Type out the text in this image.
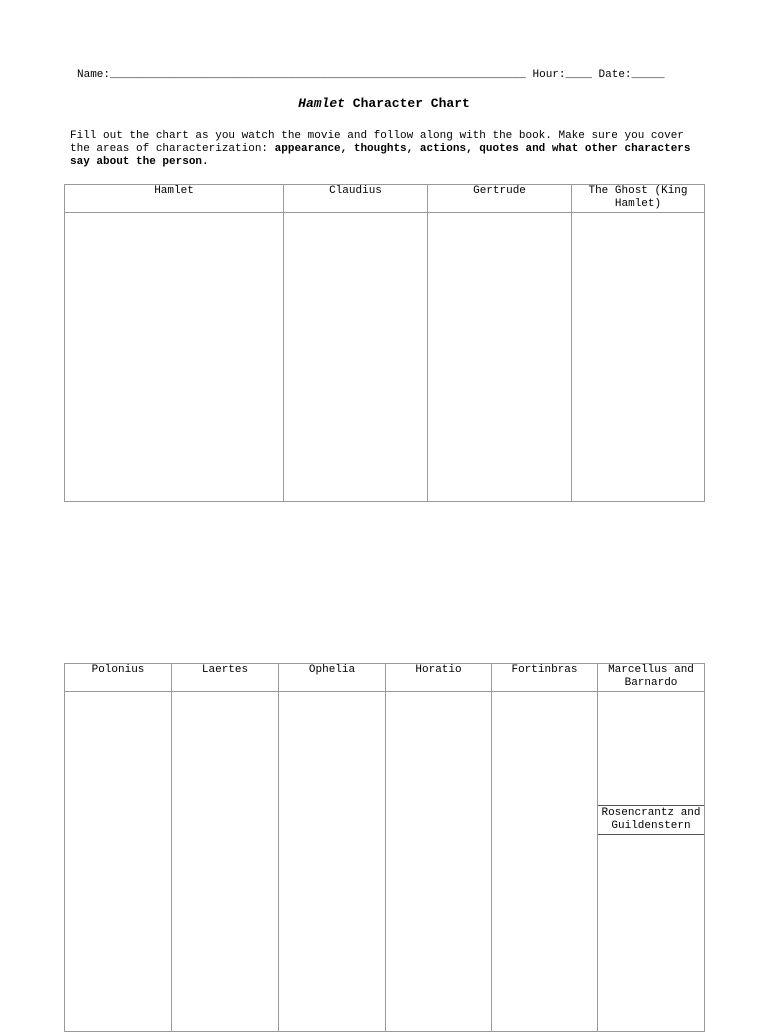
Name:_______________________________________________________________ Hour:____ Date:_____
Hamlet Character Chart
Fill out the chart as you watch the movie and follow along with the book. Make sure you cover the areas of characterization: appearance, thoughts, actions, quotes and what other characters say about the person.
Hamlet	Claudius	Gertrude	The Ghost (King Hamlet)

Polonius	Laertes	Ophelia	Horatio	Fortinbras	Marcellus and Barnardo

					Rosencrantz and Guildenstern
